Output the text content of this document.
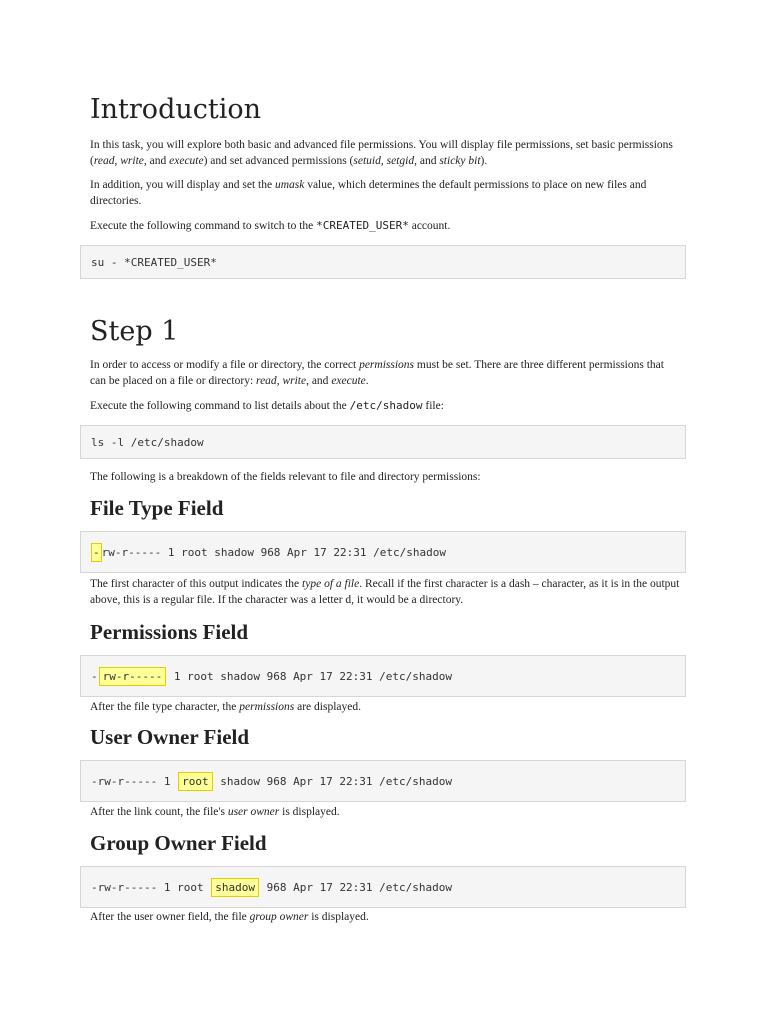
Introduction

In this task, you will explore both basic and advanced file permissions. You will display file permissions, set basic permissions (read, write, and execute) and set advanced permissions (setuid, setgid, and sticky bit).

In addition, you will display and set the umask value, which determines the default permissions to place on new files and directories.

Execute the following command to switch to the *CREATED_USER* account.

su - *CREATED_USER*
Step 1

In order to access or modify a file or directory, the correct permissions must be set. There are three different permissions that can be placed on a file or directory: read, write, and execute.

Execute the following command to list details about the /etc/shadow file:

ls -l /etc/shadow

The following is a breakdown of the fields relevant to file and directory permissions:

File Type Field
- rw-r----- 1 root shadow 968 Apr 17 22:31 /etc/shadow

The first character of this output indicates the type of a file. Recall if the first character is a dash – character, as it is in the output above, this is a regular file. If the character was a letter d, it would be a directory.

Permissions Field
- rw-r----- 1 root shadow 968 Apr 17 22:31 /etc/shadow

After the file type character, the permissions are displayed.

User Owner Field
-rw-r----- 1 root shadow 968 Apr 17 22:31 /etc/shadow

After the link count, the file's user owner is displayed.

Group Owner Field
-rw-r----- 1 root shadow 968 Apr 17 22:31 /etc/shadow

After the user owner field, the file group owner is displayed.
